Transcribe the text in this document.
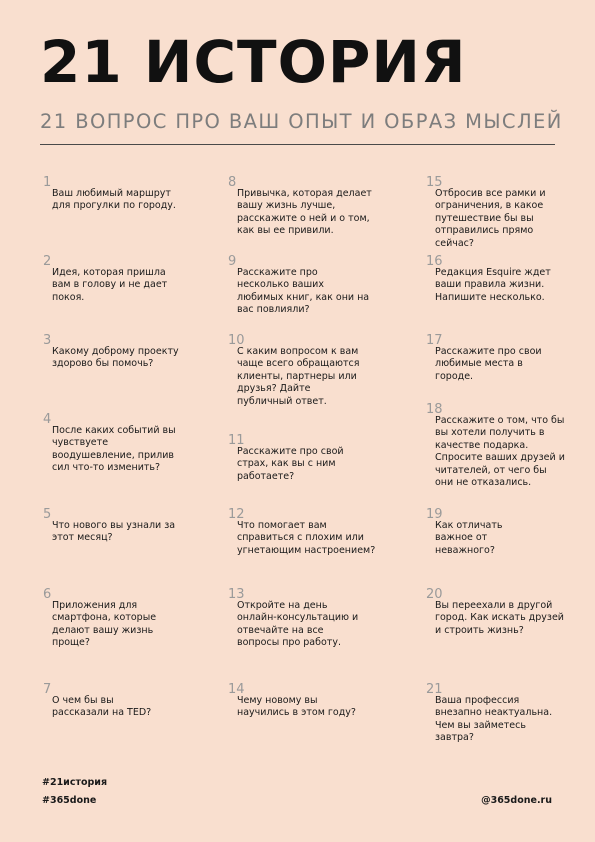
21 ИСТОРИЯ
21 ВОПРОС ПРО ВАШ ОПЫТ И ОБРАЗ МЫСЛЕЙ
1
Ваш любимый маршрут для прогулки по городу.
2
Идея, которая пришла вам в голову и не дает покоя.
3
Какому доброму проекту здорово бы помочь?
4
После каких событий вы чувствуете воодушевление, прилив сил что-то изменить?
5
Что нового вы узнали за этот месяц?
6
Приложения для смартфона, которые делают вашу жизнь проще?
7
О чем бы вы рассказали на TED?
8
Привычка, которая делает вашу жизнь лучше, расскажите о ней и о том, как вы ее привили.
9
Расскажите про несколько ваших любимых книг, как они на вас повлияли?
10
С каким вопросом к вам чаще всего обращаются клиенты, партнеры или друзья? Дайте публичный ответ.
11
Расскажите про свой страх, как вы с ним работаете?
12
Что помогает вам справиться с плохим или угнетающим настроением?
13
Откройте на день онлайн-консультацию и отвечайте на все вопросы про работу.
14
Чему новому вы научились в этом году?
15
Отбросив все рамки и ограничения, в какое путешествие бы вы отправились прямо сейчас?
16
Редакция Esquire ждет ваши правила жизни. Напишите несколько.
17
Расскажите про свои любимые места в городе.
18
Расскажите о том, что бы вы хотели получить в качестве подарка. Спросите ваших друзей и читателей, от чего бы они не отказались.
19
Как отличать важное от неважного?
20
Вы переехали в другой город. Как искать друзей и строить жизнь?
21
Ваша профессия внезапно неактуальна. Чем вы займетесь завтра?
#21история
#365done	@365done.ru
